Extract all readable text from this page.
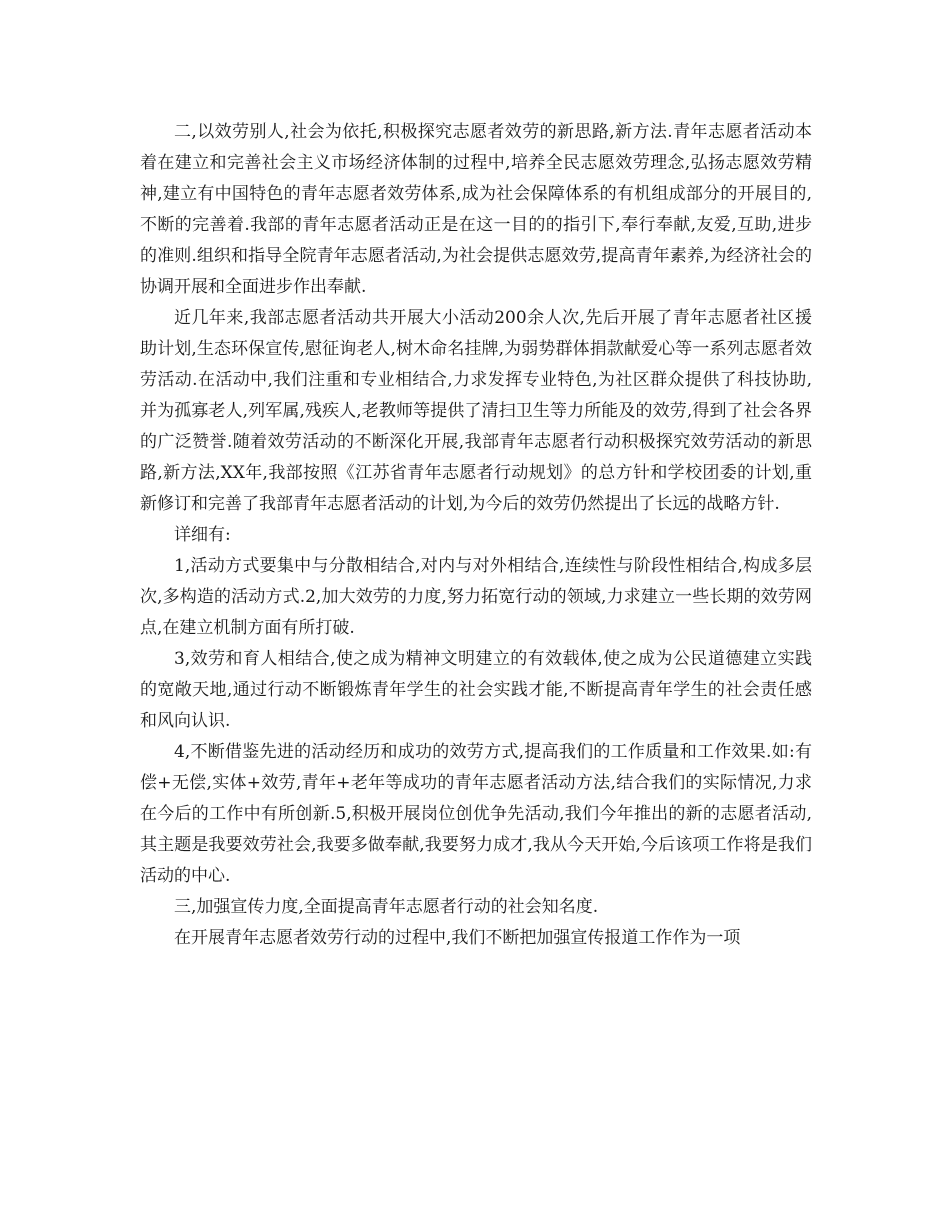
二,以效劳别人,社会为依托,积极探究志愿者效劳的新思路,新方法.青年志愿者活动本着在建立和完善社会主义市场经济体制的过程中,培养全民志愿效劳理念,弘扬志愿效劳精神,建立有中国特色的青年志愿者效劳体系,成为社会保障体系的有机组成部分的开展目的,不断的完善着.我部的青年志愿者活动正是在这一目的的指引下,奉行奉献,友爱,互助,进步的准则.组织和指导全院青年志愿者活动,为社会提供志愿效劳,提高青年素养,为经济社会的协调开展和全面进步作出奉献.

近几年来,我部志愿者活动共开展大小活动200余人次,先后开展了青年志愿者社区援助计划,生态环保宣传,慰征询老人,树木命名挂牌,为弱势群体捐款献爱心等一系列志愿者效劳活动.在活动中,我们注重和专业相结合,力求发挥专业特色,为社区群众提供了科技协助,并为孤寡老人,列军属,残疾人,老教师等提供了清扫卫生等力所能及的效劳,得到了社会各界的广泛赞誉.随着效劳活动的不断深化开展,我部青年志愿者行动积极探究效劳活动的新思路,新方法,XX年,我部按照《江苏省青年志愿者行动规划》的总方针和学校团委的计划,重新修订和完善了我部青年志愿者活动的计划,为今后的效劳仍然提出了长远的战略方针.

详细有:

1,活动方式要集中与分散相结合,对内与对外相结合,连续性与阶段性相结合,构成多层次,多构造的活动方式.2,加大效劳的力度,努力拓宽行动的领域,力求建立一些长期的效劳网点,在建立机制方面有所打破.

3,效劳和育人相结合,使之成为精神文明建立的有效载体,使之成为公民道德建立实践的宽敞天地,通过行动不断锻炼青年学生的社会实践才能,不断提高青年学生的社会责任感和风向认识.

4,不断借鉴先进的活动经历和成功的效劳方式,提高我们的工作质量和工作效果.如:有偿+无偿,实体+效劳,青年+老年等成功的青年志愿者活动方法,结合我们的实际情况,力求在今后的工作中有所创新.5,积极开展岗位创优争先活动,我们今年推出的新的志愿者活动,其主题是我要效劳社会,我要多做奉献,我要努力成才,我从今天开始,今后该项工作将是我们活动的中心.

三,加强宣传力度,全面提高青年志愿者行动的社会知名度.

在开展青年志愿者效劳行动的过程中,我们不断把加强宣传报道工作作为一项
